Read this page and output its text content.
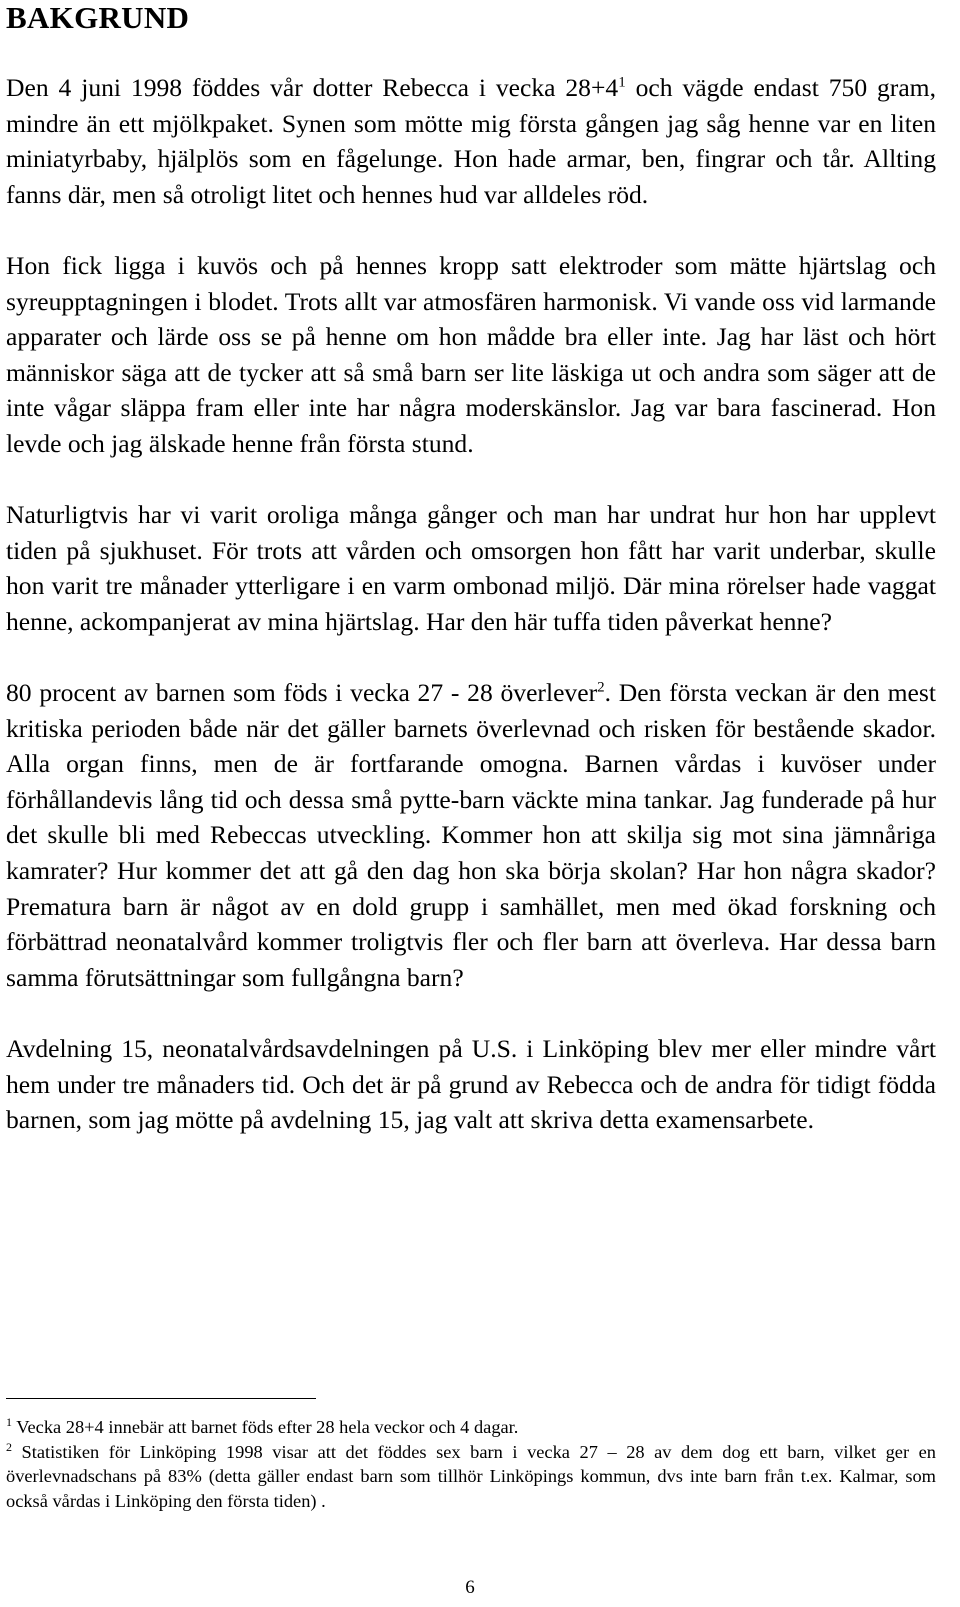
BAKGRUND

Den 4 juni 1998 föddes vår dotter Rebecca i vecka $28+4^1$ och vägde endast 750 gram, mindre än ett mjölkpaket. Synen som mötte mig första gången jag såg henne var en liten miniatyrbaby, hjälplös som en fågelunge. Hon hade armar, ben, fingrar och tår. Allting fanns där, men så otroligt litet och hennes hud var alldeles röd.

Hon fick ligga i kuvös och på hennes kropp satt elektroder som mätte hjärtslag och syreupptagningen i blodet. Trots allt var atmosfären harmonisk. Vi vande oss vid larmande apparater och lärde oss se på henne om hon mådde bra eller inte. Jag har läst och hört människor säga att de tycker att så små barn ser lite läskiga ut och andra som säger att de inte vågar släppa fram eller inte har några moderskänslor. Jag var bara fascinerad. Hon levde och jag älskade henne från första stund.

Naturligtvis har vi varit oroliga många gånger och man har undrat hur hon har upplevt tiden på sjukhuset. För trots att vården och omsorgen hon fått har varit underbar, skulle hon varit tre månader ytterligare i en varm ombonad miljö. Där mina rörelser hade vaggat henne, ackompanjerat av mina hjärtslag. Har den här tuffa tiden påverkat henne?

80 procent av barnen som föds i vecka 27 - 28 överlever$^2$. Den första veckan är den mest kritiska perioden både när det gäller barnets överlevnad och risken för bestående skador. Alla organ finns, men de är fortfarande omogna. Barnen vårdas i kuvöser under förhållandevis lång tid och dessa små pytte-barn väckte mina tankar. Jag funderade på hur det skulle bli med Rebeccas utveckling. Kommer hon att skilja sig mot sina jämnåriga kamrater? Hur kommer det att gå den dag hon ska börja skolan? Har hon några skador? Prematura barn är något av en dold grupp i samhället, men med ökad forskning och förbättrad neonatalvård kommer troligtvis fler och fler barn att överleva. Har dessa barn samma förutsättningar som fullgångna barn?

Avdelning 15, neonatalvårdsavdelningen på U.S. i Linköping blev mer eller mindre vårt hem under tre månaders tid. Och det är på grund av Rebecca och de andra för tidigt födda barnen, som jag mötte på avdelning 15, jag valt att skriva detta examensarbete.

$^1$ Vecka 28+4 innebär att barnet föds efter 28 hela veckor och 4 dagar.

$^2$ Statistiken för Linköping 1998 visar att det föddes sex barn i vecka 27 – 28 av dem dog ett barn, vilket ger en överlevnadschans på 83% (detta gäller endast barn som tillhör Linköpings kommun, dvs inte barn från t.ex. Kalmar, som också vårdas i Linköping den första tiden) .

6
